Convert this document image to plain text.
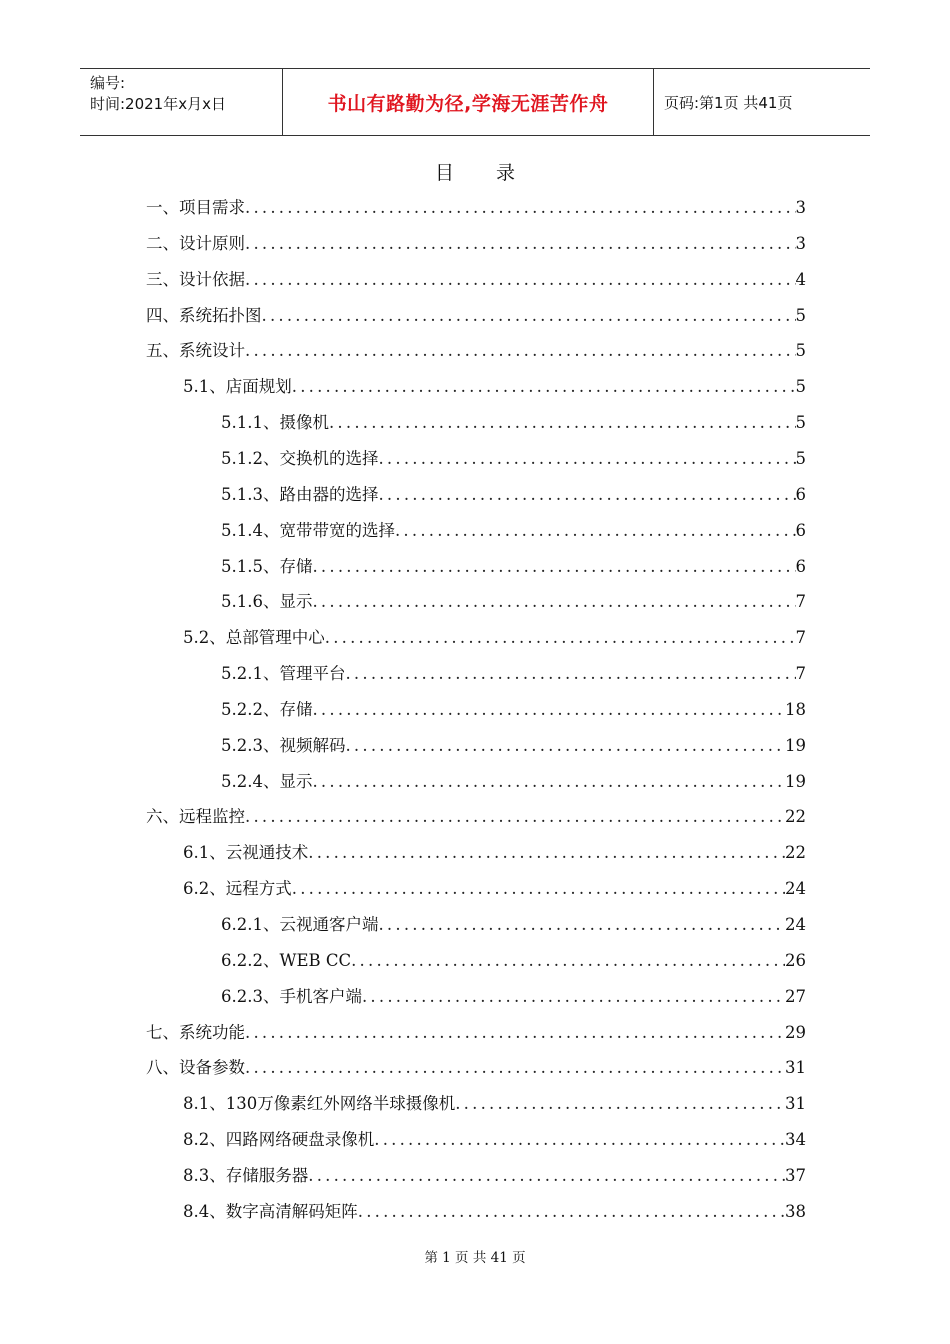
编号:
时间:2021年x月x日	书山有路勤为径,学海无涯苦作舟	页码:第1页 共41页
目 录
一、项目需求 .....	3
二、设计原则 .....	3
三、设计依据 .....	4
四、系统拓扑图 .....	5
五、系统设计 .....	5
5.1、店面规划 .....	5
5.1.1、摄像机 .....	5
5.1.2、交换机的选择 .....	5
5.1.3、路由器的选择 .....	6
5.1.4、宽带带宽的选择 .....	6
5.1.5、存储 .....	6
5.1.6、显示 .....	7
5.2、总部管理中心 .....	7
5.2.1、管理平台 .....	7
5.2.2、存储 .....	18
5.2.3、视频解码 .....	19
5.2.4、显示 .....	19
六、远程监控 .....	22
6.1、云视通技术 .....	22
6.2、远程方式 .....	24
6.2.1、云视通客户端 .....	24
6.2.2、WEB CC .....	26
6.2.3、手机客户端 .....	27
七、系统功能 .....	29
八、设备参数 .....	31
8.1、130万像素红外网络半球摄像机 .....	31
8.2、四路网络硬盘录像机 .....	34
8.3、存储服务器 .....	37
8.4、数字高清解码矩阵 .....	38
第 1 页 共 41 页
